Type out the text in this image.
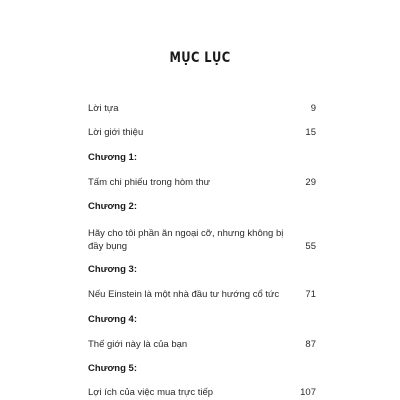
MỤC LỤC
Lời tựa	9
Lời giới thiệu	15
Chương 1:
Tấm chi phiếu trong hòm thư	29
Chương 2:
Hãy cho tôi phần ăn ngoại cỡ, nhưng không bị đầy bụng	55
Chương 3:
Nếu Einstein là một nhà đầu tư hướng cổ tức	71
Chương 4:
Thế giới này là của bạn	87
Chương 5:
Lợi ích của việc mua trực tiếp	107
